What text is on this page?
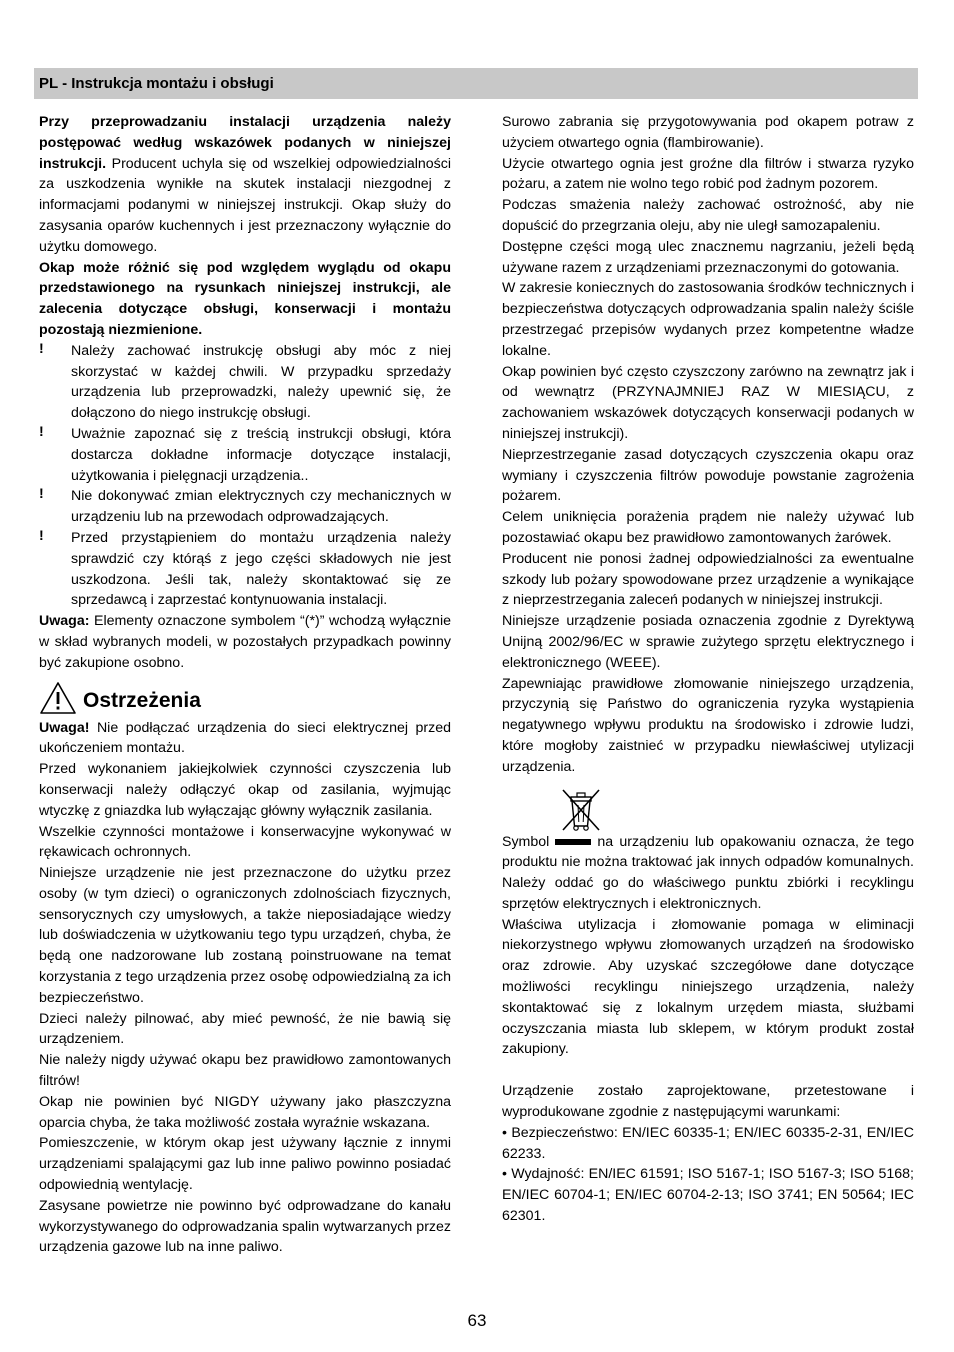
PL - Instrukcja montażu i obsługi

Przy przeprowadzaniu instalacji urządzenia należy postępować według wskazówek podanych w niniejszej instrukcji. Producent uchyla się od wszelkiej odpowiedzialności za uszkodzenia wynikłe na skutek instalacji niezgodnej z informacjami podanymi w niniejszej instrukcji. Okap służy do zasysania oparów kuchennych i jest przeznaczony wyłącznie do użytku domowego.

Okap może różnić się pod względem wyglądu od okapu przedstawionego na rysunkach niniejszej instrukcji, ale zalecenia dotyczące obsługi, konserwacji i montażu pozostają niezmienione.

!	Należy zachować instrukcję obsługi aby móc z niej skorzystać w każdej chwili. W przypadku sprzedaży urządzenia lub przeprowadzki, należy upewnić się, że dołączono do niego instrukcję obsługi.
!	Uważnie zapoznać się z treścią instrukcji obsługi, która dostarcza dokładne informacje dotyczące instalacji, użytkowania i pielęgnacji urządzenia..
!	Nie dokonywać zmian elektrycznych czy mechanicznych w urządzeniu lub na przewodach odprowadzających.
!	Przed przystąpieniem do montażu urządzenia należy sprawdzić czy którąś z jego części składowych nie jest uszkodzona. Jeśli tak, należy skontaktować się ze sprzedawcą i zaprzestać kontynuowania instalacji.

Uwaga: Elementy oznaczone symbolem “(*)” wchodzą wyłącznie w skład wybranych modeli, w pozostałych przypadkach powinny być zakupione osobno.

Ostrzeżenia

Uwaga! Nie podłączać urządzenia do sieci elektrycznej przed ukończeniem montażu.

Przed wykonaniem jakiejkolwiek czynności czyszczenia lub konserwacji należy odłączyć okap od zasilania, wyjmując wtyczkę z gniazdka lub wyłączając główny wyłącznik zasilania.

Wszelkie czynności montażowe i konserwacyjne wykonywać w rękawicach ochronnych.

Niniejsze urządzenie nie jest przeznaczone do użytku przez osoby (w tym dzieci) o ograniczonych zdolnościach fizycznych, sensorycznych czy umysłowych, a także nieposiadające wiedzy lub doświadczenia w użytkowaniu tego typu urządzeń, chyba, że będą one nadzorowane lub zostaną poinstruowane na temat korzystania z tego urządzenia przez osobę odpowiedzialną za ich bezpieczeństwo.

Dzieci należy pilnować, aby mieć pewność, że nie bawią się urządzeniem.

Nie należy nigdy używać okapu bez prawidłowo zamontowanych filtrów!

Okap nie powinien być NIGDY używany jako płaszczyzna oparcia chyba, że taka możliwość została wyraźnie wskazana.

Pomieszczenie, w którym okap jest używany łącznie z innymi urządzeniami spalającymi gaz lub inne paliwo powinno posiadać odpowiednią wentylację.

Zasysane powietrze nie powinno być odprowadzane do kanału wykorzystywanego do odprowadzania spalin wytwarzanych przez urządzenia gazowe lub na inne paliwo.

Surowo zabrania się przygotowywania pod okapem potraw z użyciem otwartego ognia (flambirowanie).

Użycie otwartego ognia jest groźne dla filtrów i stwarza ryzyko pożaru, a zatem nie wolno tego robić pod żadnym pozorem.

Podczas smażenia należy zachować ostrożność, aby nie dopuścić do przegrzania oleju, aby nie uległ samozapaleniu.

Dostępne części mogą ulec znacznemu nagrzaniu, jeżeli będą używane razem z urządzeniami przeznaczonymi do gotowania.

W zakresie koniecznych do zastosowania środków technicznych i bezpieczeństwa dotyczących odprowadzania spalin należy ściśle przestrzegać przepisów wydanych przez kompetentne władze lokalne.

Okap powinien być często czyszczony zarówno na zewnątrz jak i od wewnątrz (PRZYNAJMNIEJ RAZ W MIESIĄCU, z zachowaniem wskazówek dotyczących konserwacji podanych w niniejszej instrukcji).

Nieprzestrzeganie zasad dotyczących czyszczenia okapu oraz wymiany i czyszczenia filtrów powoduje powstanie zagrożenia pożarem.

Celem uniknięcia porażenia prądem nie należy używać lub pozostawiać okapu bez prawidłowo zamontowanych żarówek.

Producent nie ponosi żadnej odpowiedzialności za ewentualne szkody lub pożary spowodowane przez urządzenie a wynikające z nieprzestrzegania zaleceń podanych w niniejszej instrukcji.

Niniejsze urządzenie posiada oznaczenia zgodnie z Dyrektywą Unijną 2002/96/EC w sprawie zużytego sprzętu elektrycznego i elektronicznego (WEEE).

Zapewniając prawidłowe złomowanie niniejszego urządzenia, przyczynią się Państwo do ograniczenia ryzyka wystąpienia negatywnego wpływu produktu na środowisko i zdrowie ludzi, które mogłoby zaistnieć w przypadku niewłaściwej utylizacji urządzenia.

Symbol	na urządzeniu lub opakowaniu oznacza, że tego produktu nie można traktować jak innych odpadów komunalnych. Należy oddać go do właściwego punktu zbiórki i recyklingu sprzętów elektrycznych i elektronicznych.

Właściwa utylizacja i złomowanie pomaga w eliminacji niekorzystnego wpływu złomowanych urządzeń na środowisko oraz zdrowie. Aby uzyskać szczegółowe dane dotyczące możliwości recyklingu niniejszego urządzenia, należy skontaktować się z lokalnym urzędem miasta, służbami oczyszczania miasta lub sklepem, w którym produkt został zakupiony.

Urządzenie zostało zaprojektowane, przetestowane i wyprodukowane zgodnie z następującymi warunkami:

• Bezpieczeństwo: EN/IEC 60335-1; EN/IEC 60335-2-31, EN/IEC 62233.

• Wydajność: EN/IEC 61591; ISO 5167-1; ISO 5167-3; ISO 5168; EN/IEC 60704-1; EN/IEC 60704-2-13; ISO 3741; EN 50564; IEC 62301.

63
